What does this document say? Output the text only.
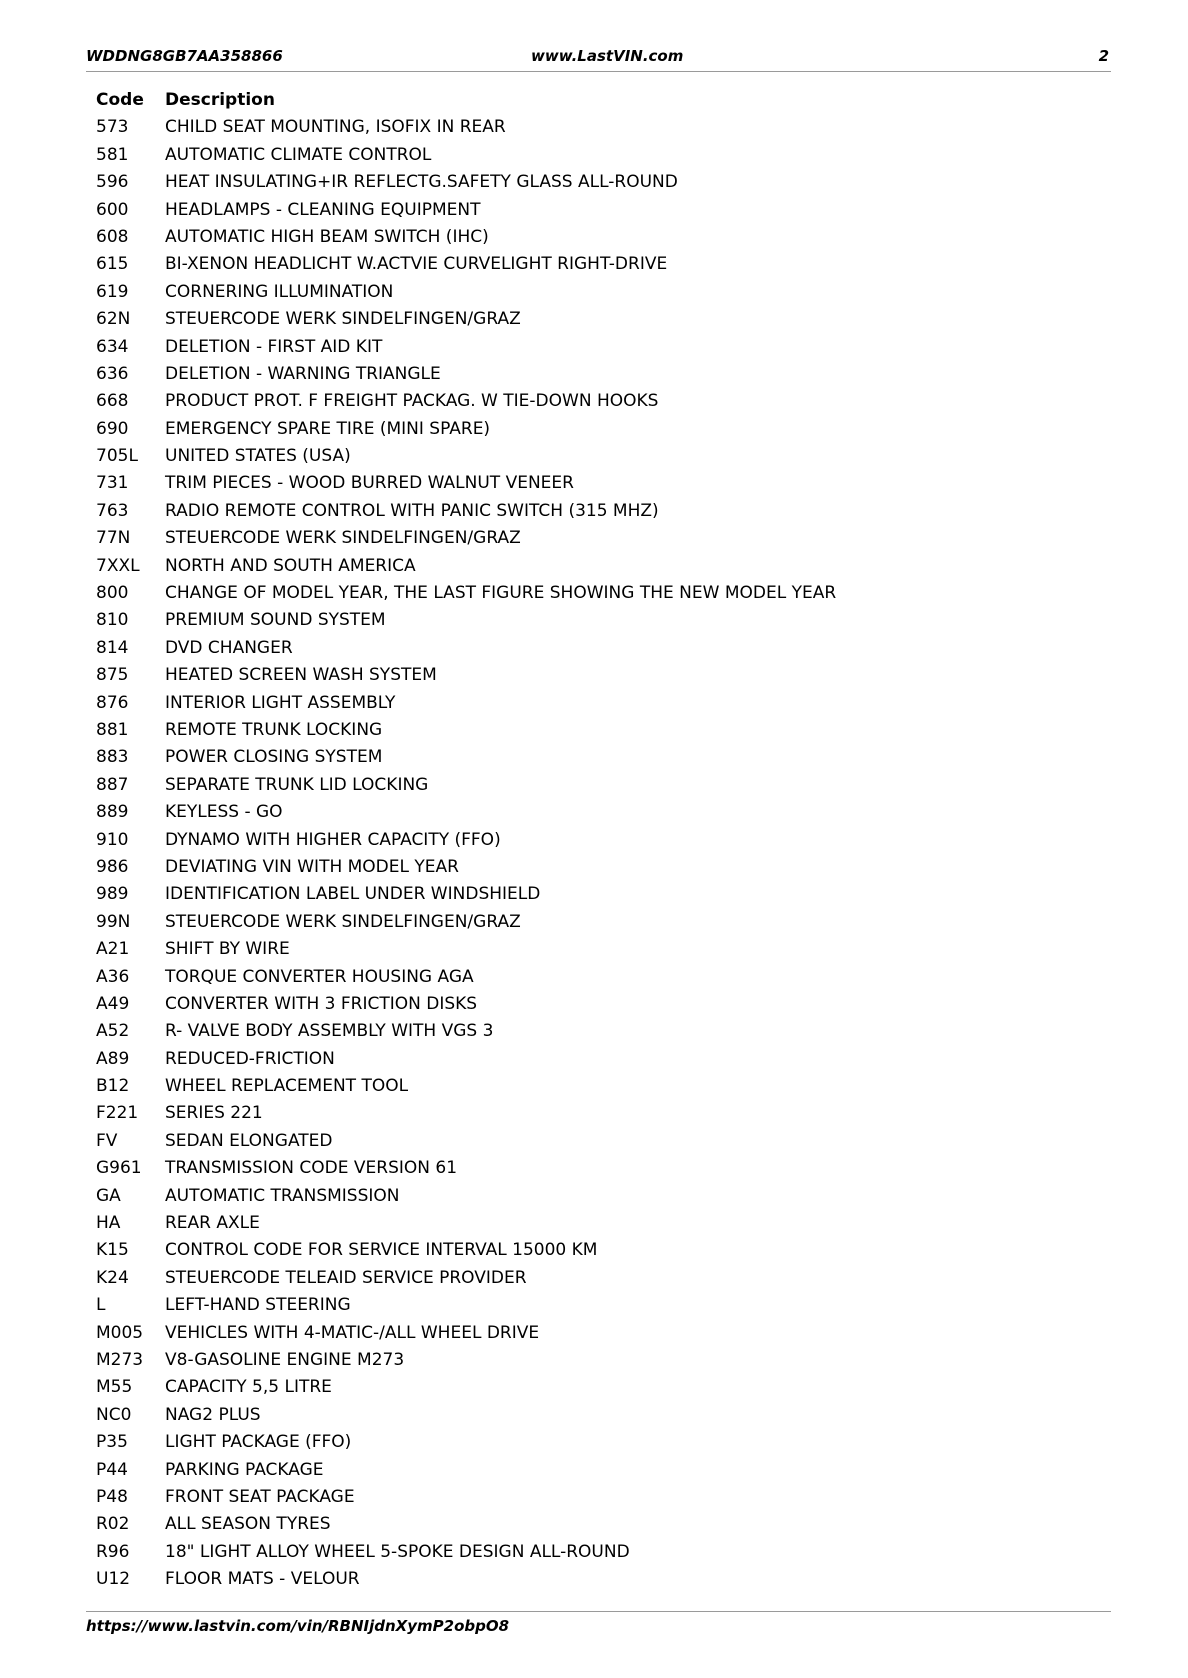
WDDNG8GB7AA358866	www.LastVIN.com	2
Code Description
573 CHILD SEAT MOUNTING, ISOFIX IN REAR
581 AUTOMATIC CLIMATE CONTROL
596 HEAT INSULATING+IR REFLECTG.SAFETY GLASS ALL-ROUND
600 HEADLAMPS - CLEANING EQUIPMENT
608 AUTOMATIC HIGH BEAM SWITCH (IHC)
615 BI-XENON HEADLICHT W.ACTVIE CURVELIGHT RIGHT-DRIVE
619 CORNERING ILLUMINATION
62N STEUERCODE WERK SINDELFINGEN/GRAZ
634 DELETION - FIRST AID KIT
636 DELETION - WARNING TRIANGLE
668 PRODUCT PROT. F FREIGHT PACKAG. W TIE-DOWN HOOKS
690 EMERGENCY SPARE TIRE (MINI SPARE)
705L UNITED STATES (USA)
731 TRIM PIECES - WOOD BURRED WALNUT VENEER
763 RADIO REMOTE CONTROL WITH PANIC SWITCH (315 MHZ)
77N STEUERCODE WERK SINDELFINGEN/GRAZ
7XXL NORTH AND SOUTH AMERICA
800 CHANGE OF MODEL YEAR, THE LAST FIGURE SHOWING THE NEW MODEL YEAR
810 PREMIUM SOUND SYSTEM
814 DVD CHANGER
875 HEATED SCREEN WASH SYSTEM
876 INTERIOR LIGHT ASSEMBLY
881 REMOTE TRUNK LOCKING
883 POWER CLOSING SYSTEM
887 SEPARATE TRUNK LID LOCKING
889 KEYLESS - GO
910 DYNAMO WITH HIGHER CAPACITY (FFO)
986 DEVIATING VIN WITH MODEL YEAR
989 IDENTIFICATION LABEL UNDER WINDSHIELD
99N STEUERCODE WERK SINDELFINGEN/GRAZ
A21 SHIFT BY WIRE
A36 TORQUE CONVERTER HOUSING AGA
A49 CONVERTER WITH 3 FRICTION DISKS
A52 R- VALVE BODY ASSEMBLY WITH VGS 3
A89 REDUCED-FRICTION
B12 WHEEL REPLACEMENT TOOL
F221 SERIES 221
FV	SEDAN ELONGATED
G961 TRANSMISSION CODE VERSION 61
GA	AUTOMATIC TRANSMISSION
HA	REAR AXLE
K15 CONTROL CODE FOR SERVICE INTERVAL 15000 KM
K24 STEUERCODE TELEAID SERVICE PROVIDER
L	LEFT-HAND STEERING
M005 VEHICLES WITH 4-MATIC-/ALL WHEEL DRIVE
M273 V8-GASOLINE ENGINE M273
M55 CAPACITY 5,5 LITRE
NC0 NAG2 PLUS
P35 LIGHT PACKAGE (FFO)
P44 PARKING PACKAGE
P48 FRONT SEAT PACKAGE
R02 ALL SEASON TYRES
R96 18" LIGHT ALLOY WHEEL 5-SPOKE DESIGN ALL-ROUND
U12 FLOOR MATS - VELOUR
https://www.lastvin.com/vin/RBNIjdnXymP2obpO8
